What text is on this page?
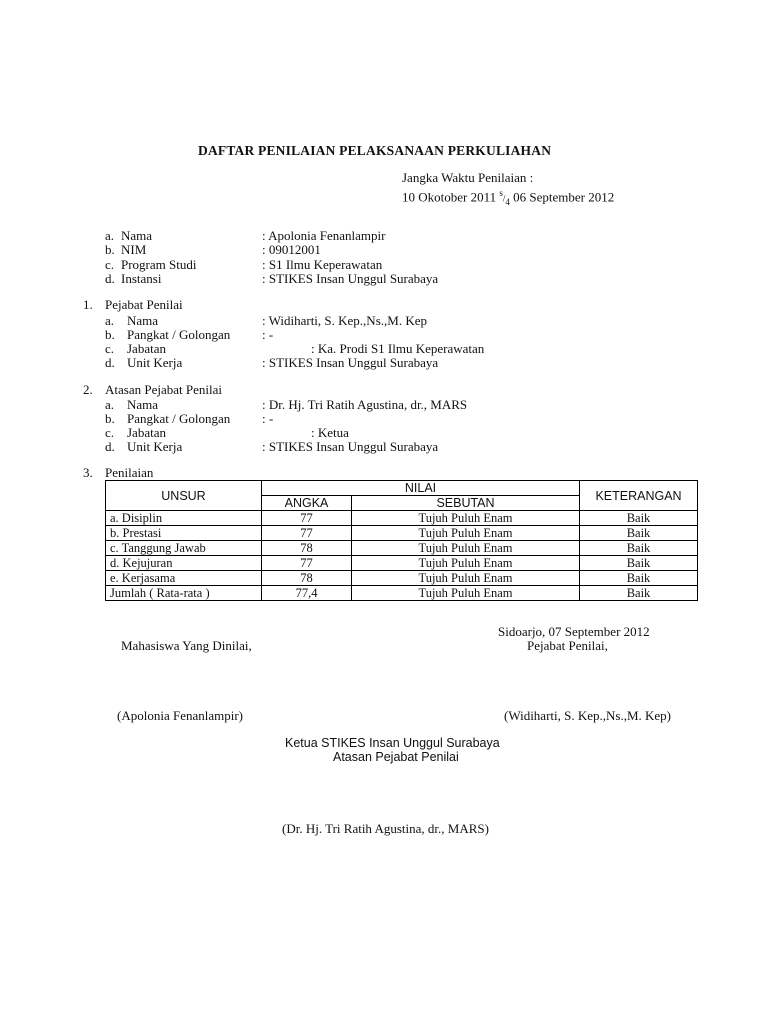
DAFTAR PENILAIAN PELAKSANAAN PERKULIAHAN
Jangka Waktu Penilaian :
10 Okotober 2011 $^s/_4$ 06 September 2012
a. Nama	: Apolonia Fenanlampir
b. NIM	: 09012001
c. Program Studi	: S1 Ilmu Keperawatan
d. Instansi	: STIKES Insan Unggul Surabaya
1. Pejabat Penilai
a. Nama	: Widiharti, S. Kep.,Ns.,M. Kep
b. Pangkat / Golongan : -
c. Jabatan	: Ka. Prodi S1 Ilmu Keperawatan
d. Unit Kerja	: STIKES Insan Unggul Surabaya
2. Atasan Pejabat Penilai
a. Nama	: Dr. Hj. Tri Ratih Agustina, dr., MARS
b. Pangkat / Golongan : -
c. Jabatan	: Ketua
d. Unit Kerja	: STIKES Insan Unggul Surabaya
3. Penilaian
UNSUR	NILAI		KETERANGAN
	ANGKA	SEBUTAN	
a. Disiplin	77	Tujuh Puluh Enam	Baik
b. Prestasi	77	Tujuh Puluh Enam	Baik
c. Tanggung Jawab	78	Tujuh Puluh Enam	Baik
d. Kejujuran	77	Tujuh Puluh Enam	Baik
e. Kerjasama	78	Tujuh Puluh Enam	Baik
Jumlah ( Rata-rata )	77,4	Tujuh Puluh Enam	Baik
Sidoarjo, 07 September 2012
Mahasiswa Yang Dinilai,	Pejabat Penilai,
(Apolonia Fenanlampir)	(Widiharti, S. Kep.,Ns.,M. Kep)
Ketua STIKES Insan Unggul Surabaya
Atasan Pejabat Penilai
(Dr. Hj. Tri Ratih Agustina, dr., MARS)
